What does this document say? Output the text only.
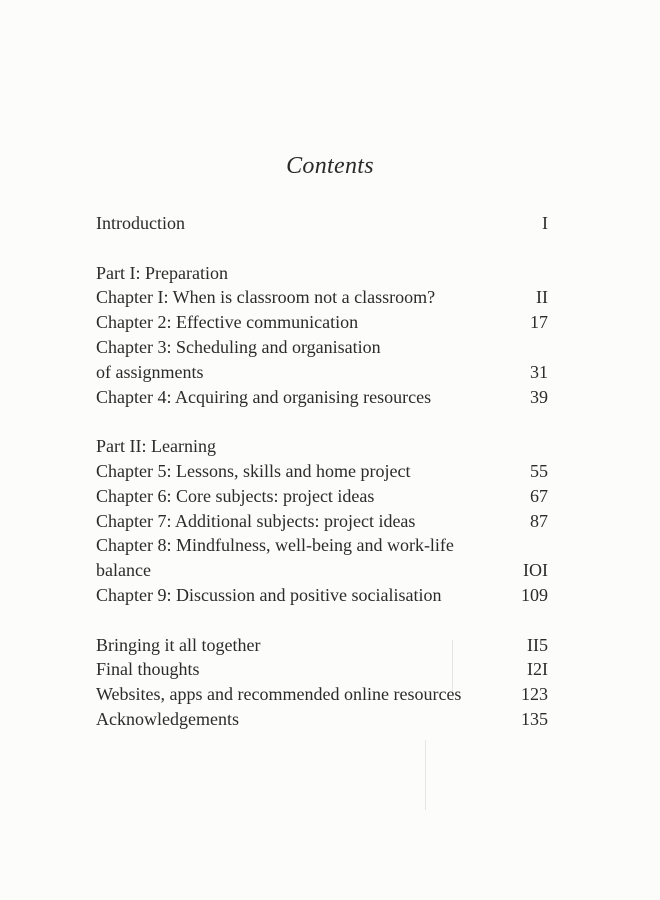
Contents
Introduction	I
Part I: Preparation
Chapter I: When is classroom not a classroom?	II
Chapter 2: Effective communication	17
Chapter 3: Scheduling and organisation
of assignments	31
Chapter 4: Acquiring and organising resources	39
Part II: Learning
Chapter 5: Lessons, skills and home project	55
Chapter 6: Core subjects: project ideas	67
Chapter 7: Additional subjects: project ideas	87
Chapter 8: Mindfulness, well-being and work-life
balance	IOI
Chapter 9: Discussion and positive socialisation	109
Bringing it all together	II5
Final thoughts	I2I
Websites, apps and recommended online resources	123
Acknowledgements	135
